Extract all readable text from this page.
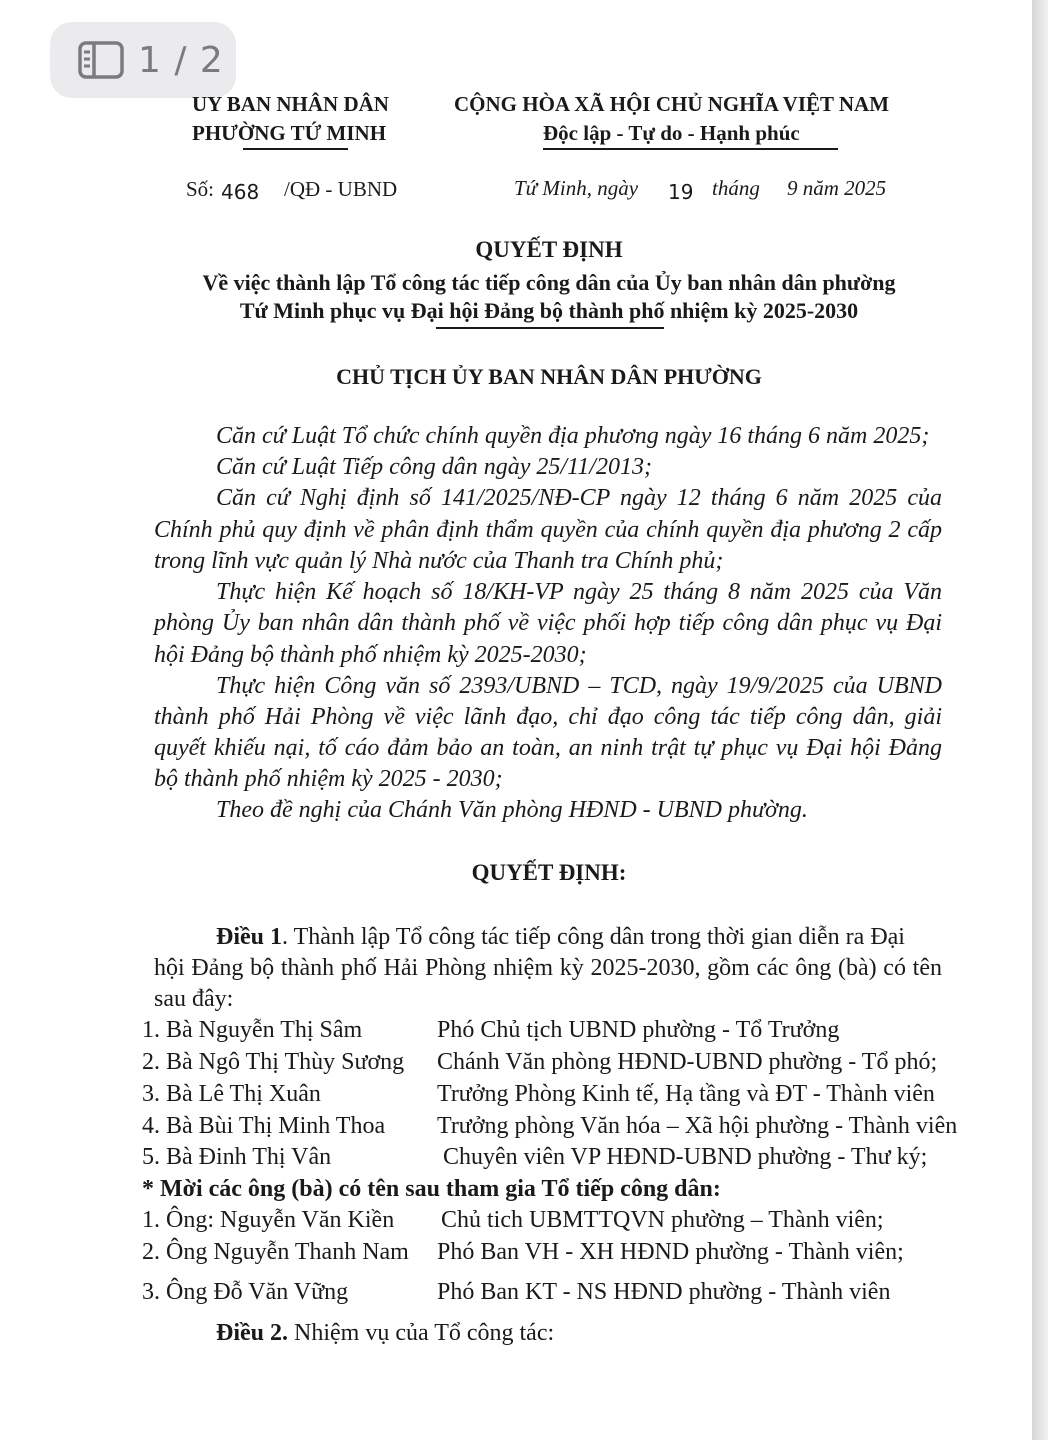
1 / 2
UY BAN NHÂN DÂN
PHƯỜNG TỨ MINH
CỘNG HÒA XÃ HỘI CHỦ NGHĨA VIỆT NAM
Độc lập - Tự do - Hạnh phúc
Số: 468 /QĐ - UBND	Tứ Minh, ngày 19 tháng 9 năm 2025
QUYẾT ĐỊNH
Về việc thành lập Tổ công tác tiếp công dân của Ủy ban nhân dân phường
Tứ Minh phục vụ Đại hội Đảng bộ thành phố nhiệm kỳ 2025-2030
CHỦ TỊCH ỦY BAN NHÂN DÂN PHƯỜNG
Căn cứ Luật Tổ chức chính quyền địa phương ngày 16 tháng 6 năm 2025;
Căn cứ Luật Tiếp công dân ngày 25/11/2013;
Căn cứ Nghị định số 141/2025/NĐ-CP ngày 12 tháng 6 năm 2025 của
Chính phủ quy định về phân định thẩm quyền của chính quyền địa phương 2 cấp
trong lĩnh vực quản lý Nhà nước của Thanh tra Chính phủ;
Thực hiện Kế hoạch số 18/KH-VP ngày 25 tháng 8 năm 2025 của Văn
phòng Ủy ban nhân dân thành phố về việc phối hợp tiếp công dân phục vụ Đại
hội Đảng bộ thành phố nhiệm kỳ 2025-2030;
Thực hiện Công văn số 2393/UBND – TCD, ngày 19/9/2025 của UBND
thành phố Hải Phòng về việc lãnh đạo, chỉ đạo công tác tiếp công dân, giải
quyết khiếu nại, tố cáo đảm bảo an toàn, an ninh trật tự phục vụ Đại hội Đảng
bộ thành phố nhiệm kỳ 2025 - 2030;
Theo đề nghị của Chánh Văn phòng HĐND - UBND phường.
QUYẾT ĐỊNH:
Điều 1 . Thành lập Tổ công tác tiếp công dân trong thời gian diễn ra Đại
hội Đảng bộ thành phố Hải Phòng nhiệm kỳ 2025-2030, gồm các ông (bà) có tên
sau đây:
1. Bà Nguyễn Thị Sâm	Phó Chủ tịch UBND phường - Tổ Trưởng
2. Bà Ngô Thị Thùy Sương Chánh Văn phòng HĐND-UBND phường - Tổ phó;
3. Bà Lê Thị Xuân	Trưởng Phòng Kinh tế, Hạ tầng và ĐT - Thành viên
4. Bà Bùi Thị Minh Thoa Trưởng phòng Văn hóa – Xã hội phường - Thành viên
5. Bà Đinh Thị Vân	Chuyên viên VP HĐND-UBND phường - Thư ký;
* Mời các ông (bà) có tên sau tham gia Tổ tiếp công dân:
1. Ông: Nguyễn Văn Kiền Chủ tich UBMTTQVN phường – Thành viên;
2. Ông Nguyễn Thanh Nam Phó Ban VH - XH HĐND phường - Thành viên;
3. Ông Đỗ Văn Vững	Phó Ban KT - NS HĐND phường - Thành viên
Điều 2. Nhiệm vụ của Tổ công tác:
